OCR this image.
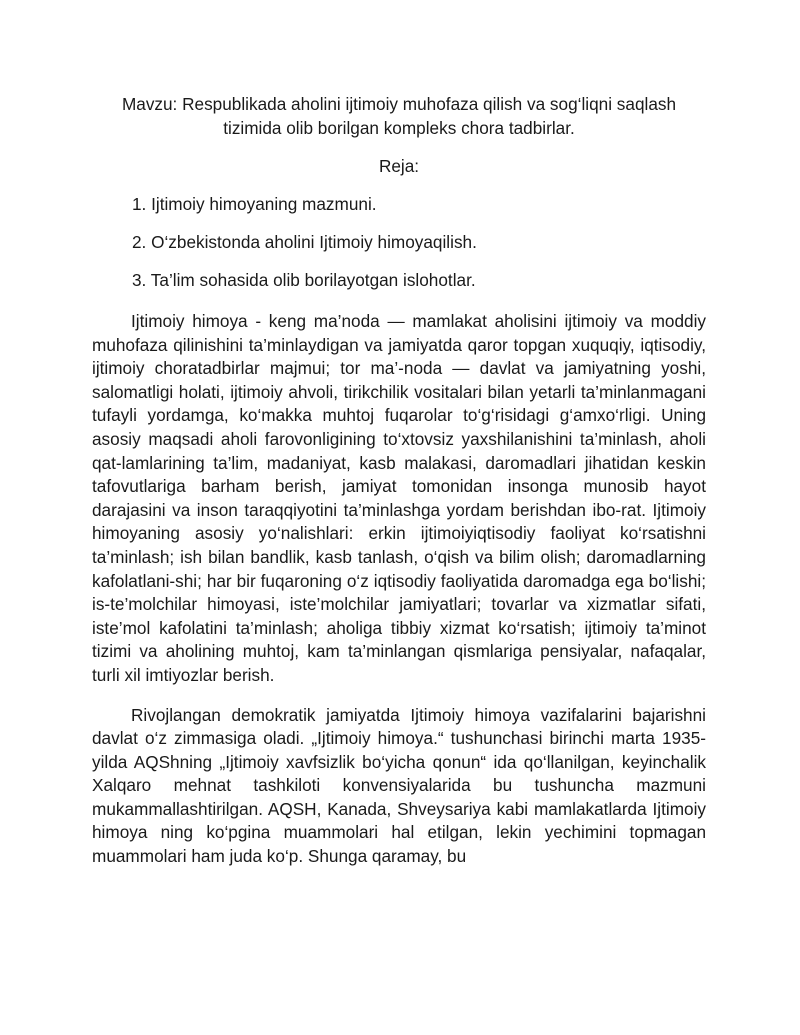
Mavzu: Respublikada aholini ijtimoiy muhofaza qilish va sog‘liqni saqlash
tizimida olib borilgan kompleks chora tadbirlar.

Reja:

1. Ijtimoiy himoyaning mazmuni.
2. O‘zbekistonda aholini Ijtimoiy himoyaqilish.
3. Ta’lim sohasida olib borilayotgan islohotlar.

Ijtimoiy himoya - keng ma’noda — mamlakat aholisini ijtimoiy va moddiy muhofaza qilinishini ta’minlaydigan va jamiyatda qaror topgan xuquqiy, iqtisodiy, ijtimoiy choratadbirlar majmui; tor ma’-noda — davlat va jamiyatning yoshi, salomatligi holati, ijtimoiy ahvoli, tirikchilik vositalari bilan yetarli ta’minlanmagani tufayli yordamga, ko‘makka muhtoj fuqarolar to‘g‘risidagi g‘amxo‘rligi. Uning asosiy maqsadi aholi farovonligining to‘xtovsiz yaxshilanishini ta’minlash, aholi qat-lamlarining ta’lim, madaniyat, kasb malakasi, daromadlari jihatidan keskin tafovutlariga barham berish, jamiyat tomonidan insonga munosib hayot darajasini va inson taraqqiyotini ta’minlashga yordam berishdan ibo-rat. Ijtimoiy himoyaning asosiy yo‘nalishlari: erkin ijtimoiyiqtisodiy faoliyat ko‘rsatishni ta’minlash; ish bilan bandlik, kasb tanlash, o‘qish va bilim olish; daromadlarning kafolatlani-shi; har bir fuqaroning o‘z iqtisodiy faoliyatida daromadga ega bo‘lishi; is-te’molchilar himoyasi, iste’molchilar jamiyatlari; tovarlar va xizmatlar sifati, iste’mol kafolatini ta’minlash; aholiga tibbiy xizmat ko‘rsatish; ijtimoiy ta’minot tizimi va aholining muhtoj, kam ta’minlangan qismlariga pensiyalar, nafaqalar, turli xil imtiyozlar berish.

Rivojlangan demokratik jamiyatda Ijtimoiy himoya vazifalarini bajarishni davlat o‘z zimmasiga oladi. „Ijtimoiy himoya.“ tushunchasi birinchi marta 1935-yilda AQShning „Ijtimoiy xavfsizlik bo‘yicha qonun“ ida qo‘llanilgan, keyinchalik Xalqaro mehnat tashkiloti konvensiyalarida bu tushuncha mazmuni mukammallashtirilgan. AQSH, Kanada, Shveysariya kabi mamlakatlarda Ijtimoiy himoya ning ko‘pgina muammolari hal etilgan, lekin yechimini topmagan muammolari ham juda ko‘p. Shunga qaramay, bu
